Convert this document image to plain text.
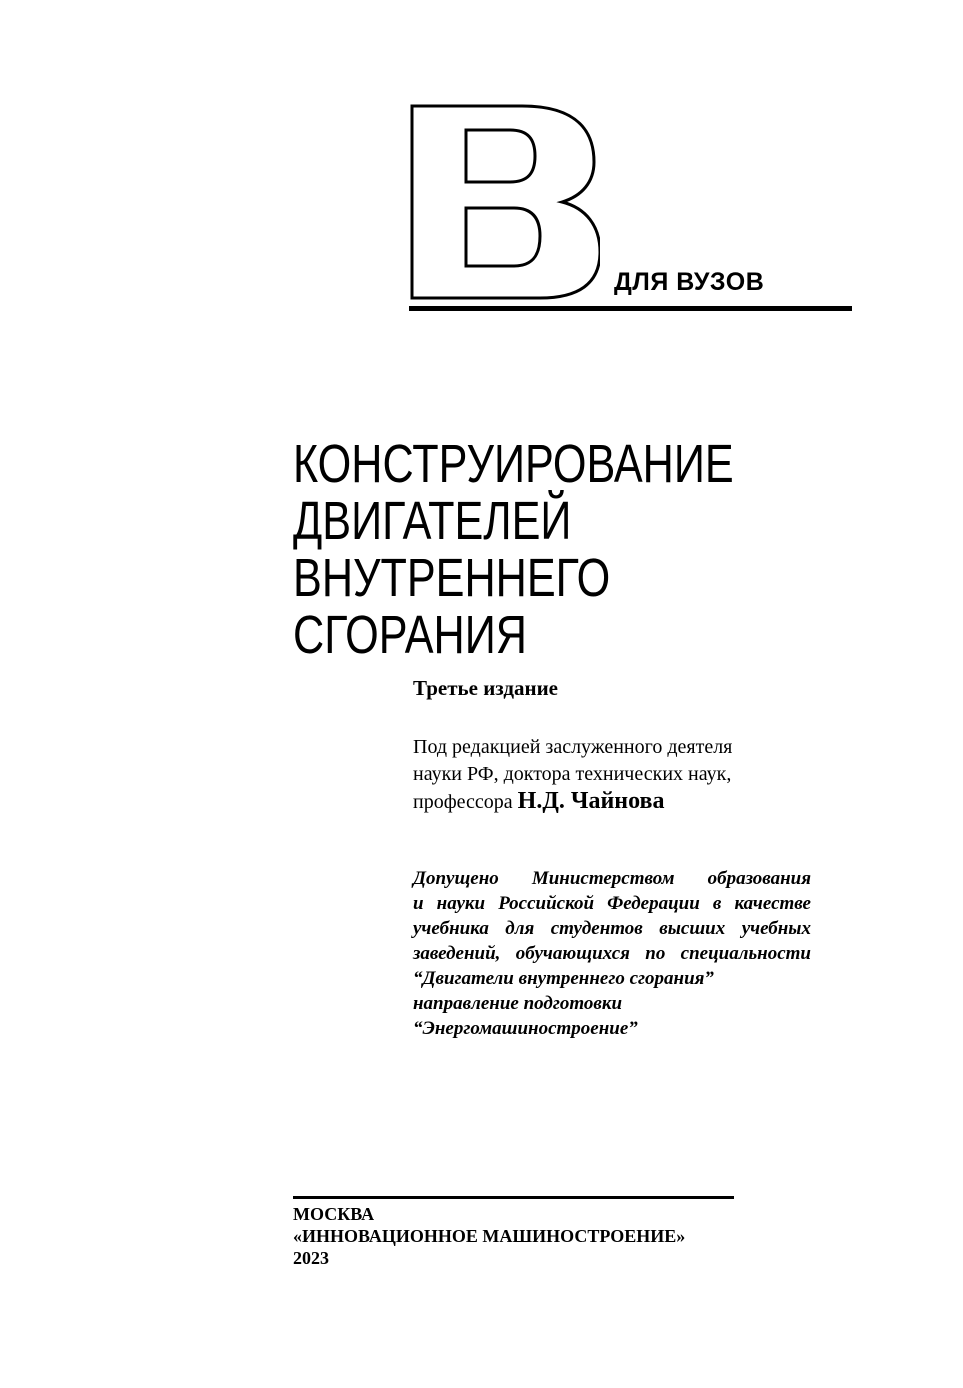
ДЛЯ ВУЗОВ
КОНСТРУИРОВАНИЕ
ДВИГАТЕЛЕЙ
ВНУТРЕННЕГО
СГОРАНИЯ
Третье издание
Под редакцией заслуженного деятеля
науки РФ, доктора технических наук,
профессора Н.Д. Чайнова
Допущено Министерством образования
и науки Российской Федерации в качестве
учебника для студентов высших учебных
заведений, обучающихся по специальности
“Двигатели внутреннего сгорания”
направление подготовки
“Энергомашиностроение”
МОСКВА
«ИННОВАЦИОННОЕ МАШИНОСТРОЕНИЕ»
2023
